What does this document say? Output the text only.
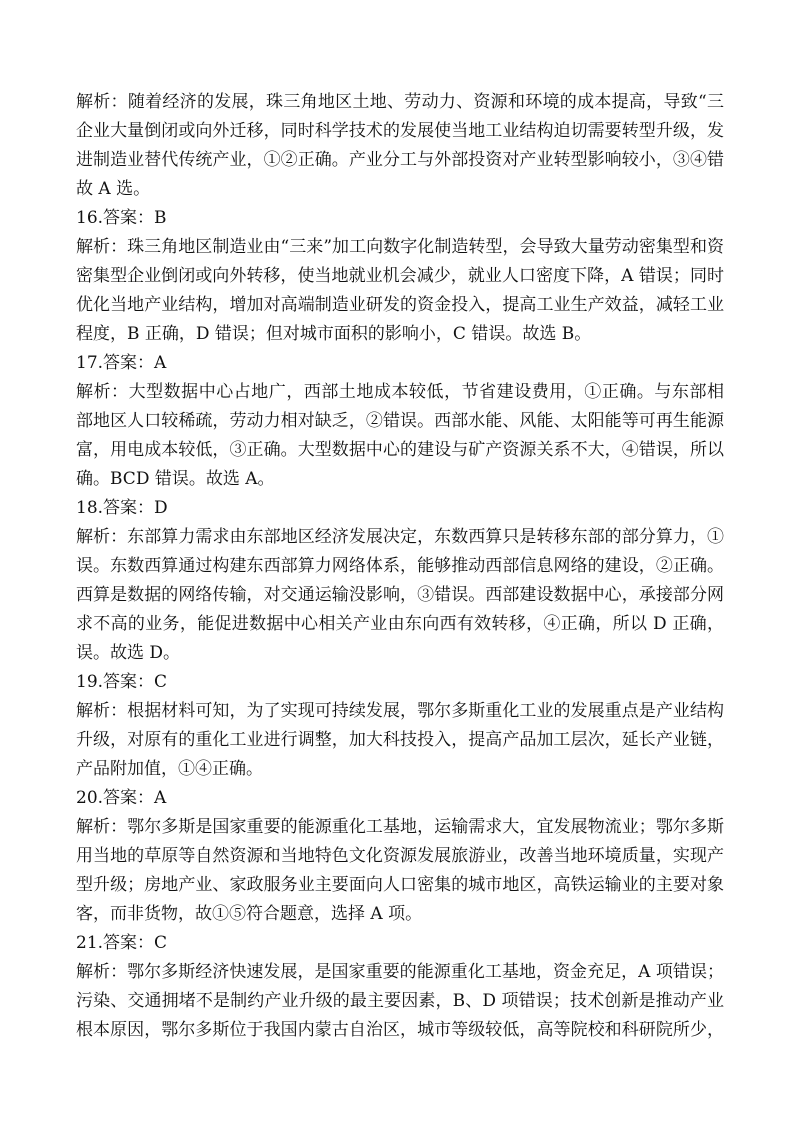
解析：随着经济的发展，珠三角地区土地、劳动力、资源和环境的成本提高，导致“三
企业大量倒闭或向外迁移，同时科学技术的发展使当地工业结构迫切需要转型升级，发
进制造业替代传统产业，①②正确。产业分工与外部投资对产业转型影响较小，③④错
故 A 选。
16.答案：B
解析：珠三角地区制造业由“三来”加工向数字化制造转型，会导致大量劳动密集型和资
密集型企业倒闭或向外转移，使当地就业机会减少，就业人口密度下降，A 错误；同时
优化当地产业结构，增加对高端制造业研发的资金投入，提高工业生产效益，减轻工业
程度，B 正确，D 错误；但对城市面积的影响小，C 错误。故选 B。
17.答案：A
解析：大型数据中心占地广，西部土地成本较低，节省建设费用，①正确。与东部相
部地区人口较稀疏，劳动力相对缺乏，②错误。西部水能、风能、太阳能等可再生能源
富，用电成本较低，③正确。大型数据中心的建设与矿产资源关系不大，④错误，所以
确。BCD 错误。故选 A。
18.答案：D
解析：东部算力需求由东部地区经济发展决定，东数西算只是转移东部的部分算力，①
误。东数西算通过构建东西部算力网络体系，能够推动西部信息网络的建设，②正确。
西算是数据的网络传输，对交通运输没影响，③错误。西部建设数据中心，承接部分网
求不高的业务，能促进数据中心相关产业由东向西有效转移，④正确，所以 D 正确，
误。故选 D。
19.答案：C
解析：根据材料可知，为了实现可持续发展，鄂尔多斯重化工业的发展重点是产业结构
升级，对原有的重化工业进行调整，加大科技投入，提高产品加工层次，延长产业链，
产品附加值，①④正确。
20.答案：A
解析：鄂尔多斯是国家重要的能源重化工基地，运输需求大，宜发展物流业；鄂尔多斯
用当地的草原等自然资源和当地特色文化资源发展旅游业，改善当地环境质量，实现产
型升级；房地产业、家政服务业主要面向人口密集的城市地区，高铁运输业的主要对象
客，而非货物，故①⑤符合题意，选择 A 项。
21.答案：C
解析：鄂尔多斯经济快速发展，是国家重要的能源重化工基地，资金充足，A 项错误；
污染、交通拥堵不是制约产业升级的最主要因素，B、D 项错误；技术创新是推动产业
根本原因，鄂尔多斯位于我国内蒙古自治区，城市等级较低，高等院校和科研院所少，
